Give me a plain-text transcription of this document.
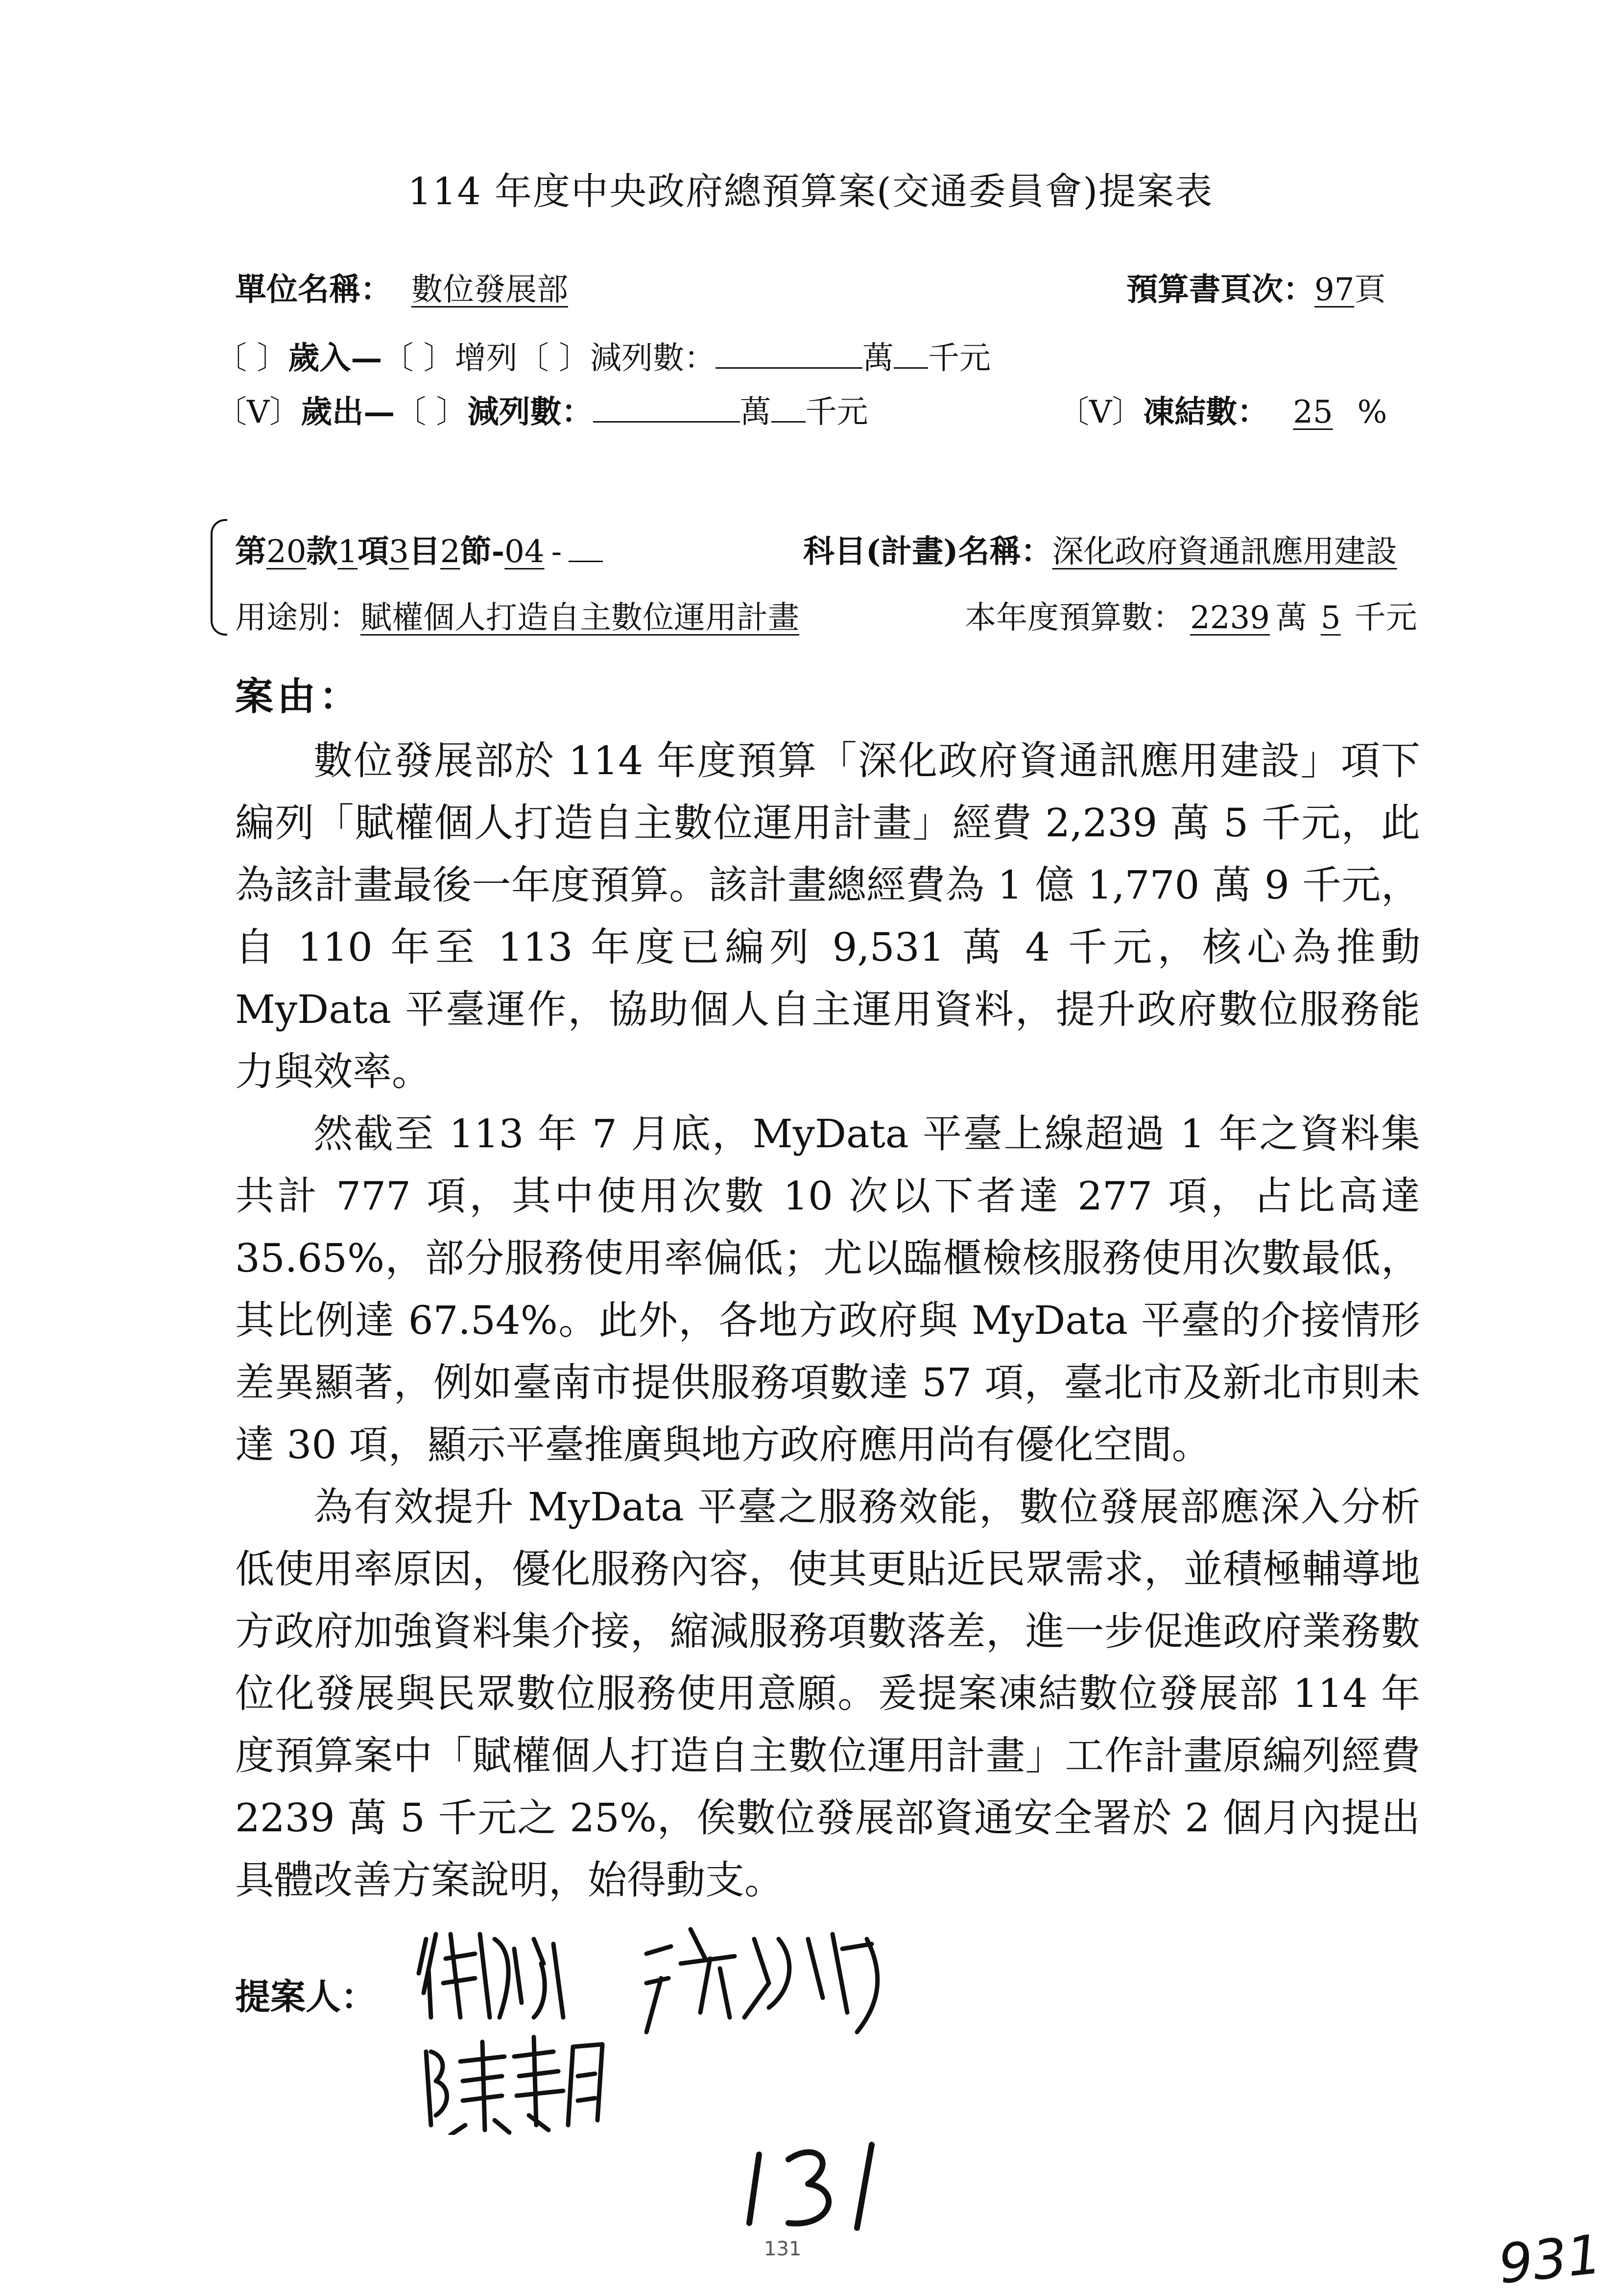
114 年度中央政府總預算案(交通委員會)提案表
單位名稱： 數位發展部	預算書頁次：97頁
〔 〕歲入—〔 〕增列〔 〕減列數：	萬 千元
〔V〕歲出—〔 〕減列數：	萬 千元	〔V〕凍結數： 25 %
第20款1項3目2節-04 -	科目(計畫)名稱：深化政府資通訊應用建設
用途別：賦權個人打造自主數位運用計畫	本年度預算數： 2239 萬 5 千元
案由：

數位發展部於 114 年度預算「深化政府資通訊應用建設」項下編列「賦權個人打造自主數位運用計畫」經費 2,239 萬 5 千元，此為該計畫最後一年度預算。該計畫總經費為 1 億 1,770 萬 9 千元，自 110 年至 113 年度已編列 9,531 萬 4 千元，核心為推動 MyData 平臺運作，協助個人自主運用資料，提升政府數位服務能力與效率。

然截至 113 年 7 月底，MyData 平臺上線超過 1 年之資料集共計 777 項，其中使用次數 10 次以下者達 277 項，占比高達 35.65%，部分服務使用率偏低；尤以臨櫃檢核服務使用次數最低，其比例達 67.54%。此外，各地方政府與 MyData 平臺的介接情形差異顯著，例如臺南市提供服務項數達 57 項，臺北市及新北市則未達 30 項，顯示平臺推廣與地方政府應用尚有優化空間。

為有效提升 MyData 平臺之服務效能，數位發展部應深入分析低使用率原因，優化服務內容，使其更貼近民眾需求，並積極輔導地方政府加強資料集介接，縮減服務項數落差，進一步促進政府業務數位化發展與民眾數位服務使用意願。爰提案凍結數位發展部 114 年度預算案中「賦權個人打造自主數位運用計畫」工作計畫原編列經費 2239 萬 5 千元之 25%，俟數位發展部資通安全署於 2 個月內提出具體改善方案說明，始得動支。

提案人：
131	931
